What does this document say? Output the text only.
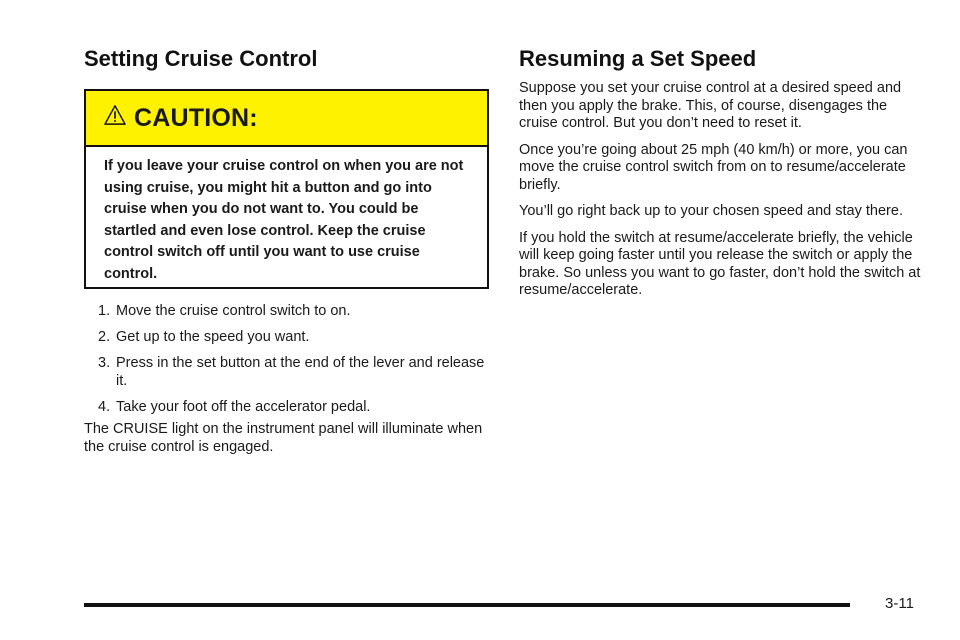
Setting Cruise Control
CAUTION:
If you leave your cruise control on when you are not using cruise, you might hit a button and go into cruise when you do not want to. You could be startled and even lose control. Keep the cruise control switch off until you want to use cruise control.
1 . Move the cruise control switch to on.
2 . Get up to the speed you want.
3 . Press in the set button at the end of the lever and release it.
4 . Take your foot off the accelerator pedal.

The CRUISE light on the instrument panel will illuminate when the cruise control is engaged.

Resuming a Set Speed

Suppose you set your cruise control at a desired speed and then you apply the brake. This, of course, disengages the cruise control. But you don’t need to reset it.

Once you’re going about 25 mph (40 km/h) or more, you can move the cruise control switch from on to resume/accelerate briefly.

You’ll go right back up to your chosen speed and stay there.

If you hold the switch at resume/accelerate briefly, the vehicle will keep going faster until you release the switch or apply the brake. So unless you want to go faster, don’t hold the switch at resume/accelerate.

3-11
